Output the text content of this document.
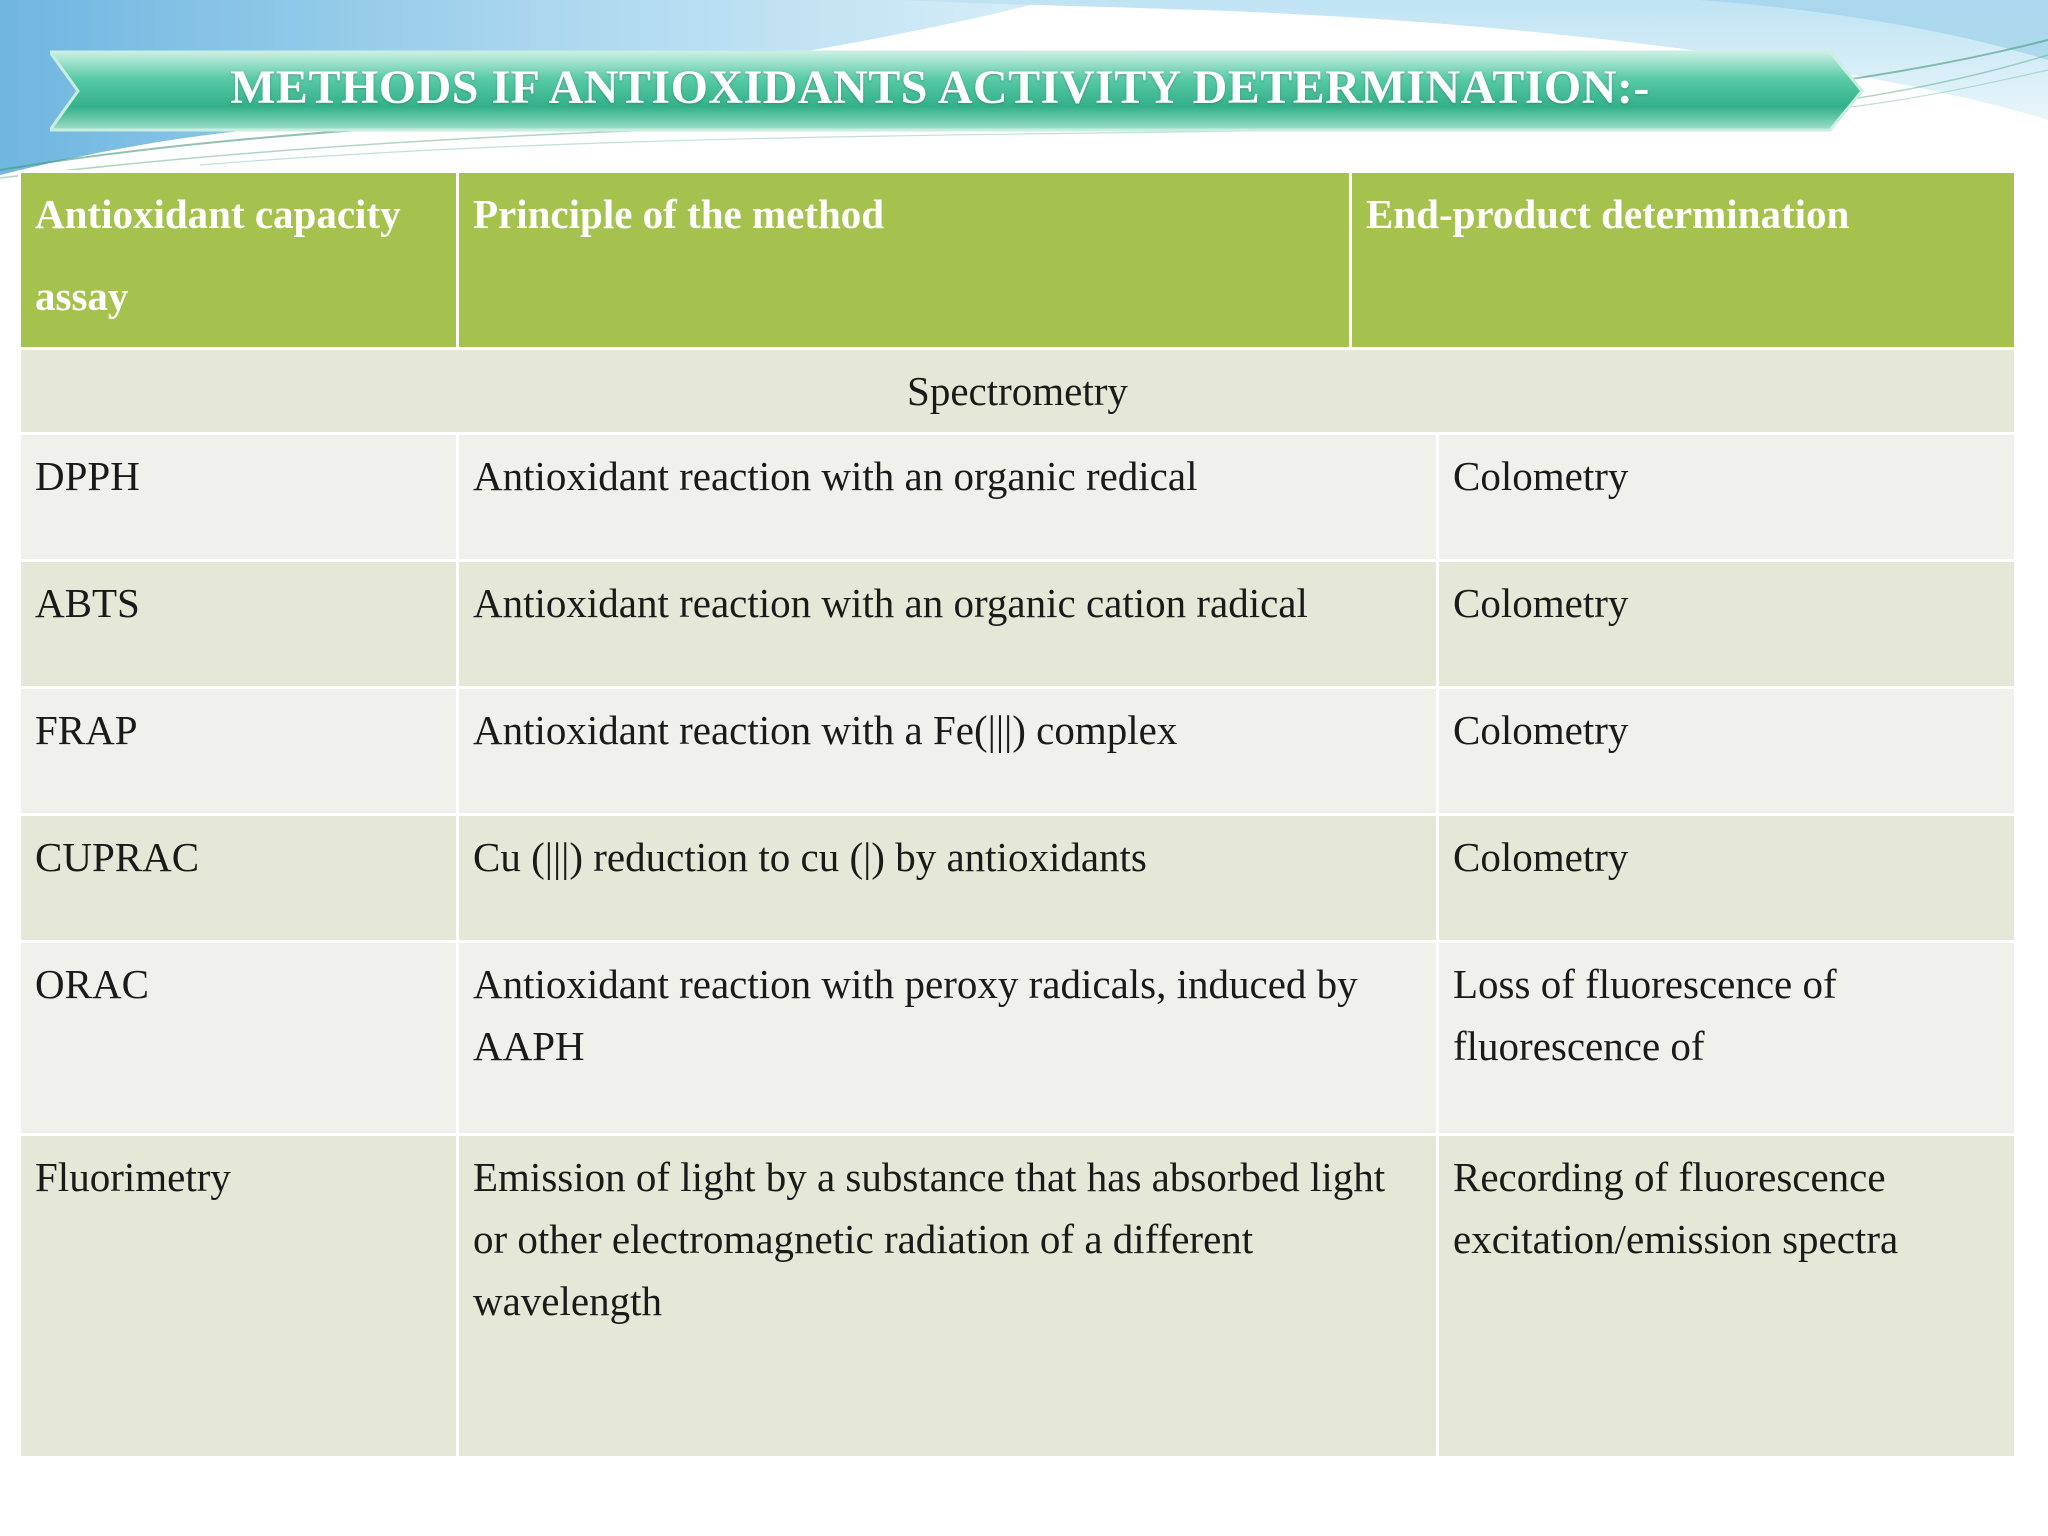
METHODS IF ANTIOXIDANTS ACTIVITY DETERMINATION:-
Antioxidant capacity assay	Principle of the method	End-product determination	
Spectrometry			
DPPH	Antioxidant reaction with an organic redical		Colometry
ABTS	Antioxidant reaction with an organic cation radical		Colometry
FRAP	Antioxidant reaction with a Fe(|||) complex		Colometry
CUPRAC	Cu (|||) reduction to cu (|) by antioxidants		Colometry
ORAC	Antioxidant reaction with peroxy radicals, induced by AAPH		Loss of fluorescence of fluorescence of
Fluorimetry	Emission of light by a substance that has absorbed light or other electromagnetic radiation of a different wavelength		Recording of fluorescence excitation/emission spectra
